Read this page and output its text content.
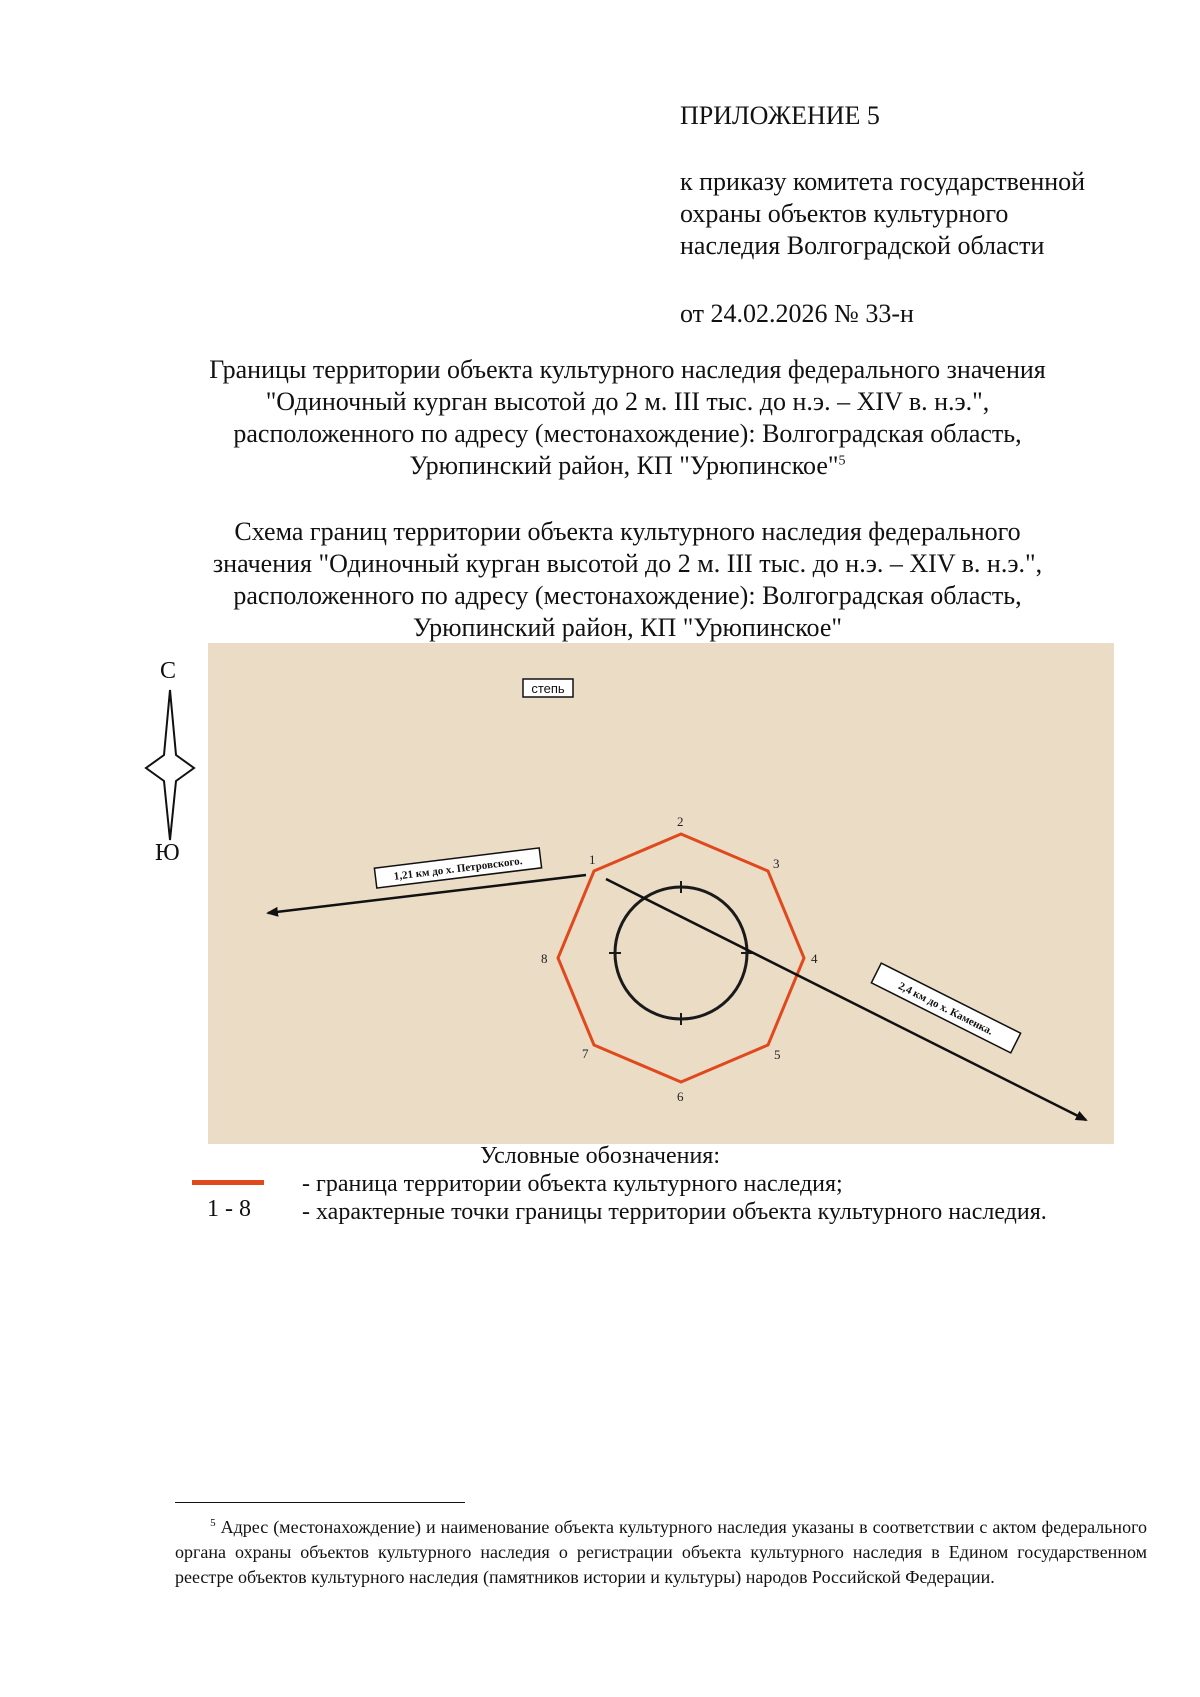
ПРИЛОЖЕНИЕ 5
к приказу комитета государственной
охраны объектов культурного
наследия Волгоградской области
от 24.02.2026 № 33-н
Границы территории объекта культурного наследия федерального значения
"Одиночный курган высотой до 2 м. III тыс. до н.э. – XIV в. н.э.",
расположенного по адресу (местонахождение): Волгоградская область,
Урюпинский район, КП "Урюпинское"$^5$
Схема границ территории объекта культурного наследия федерального
значения "Одиночный курган высотой до 2 м. III тыс. до н.э. – XIV в. н.э.",
расположенного по адресу (местонахождение): Волгоградская область,
Урюпинский район, КП "Урюпинское"
С
Ю
степь
1,21 км до х. Петровского.
2,4 км до х. Каменка.
1
2
3
4
5
6
7
8
Условные обозначения:
- граница территории объекта культурного наследия;
1 - 8 - характерные точки границы территории объекта культурного наследия.
$^5$ Адрес (местонахождение) и наименование объекта культурного наследия указаны в соответствии с актом федерального органа охраны объектов культурного наследия о регистрации объекта культурного наследия в Едином государственном реестре объектов культурного наследия (памятников истории и культуры) народов Российской Федерации.
